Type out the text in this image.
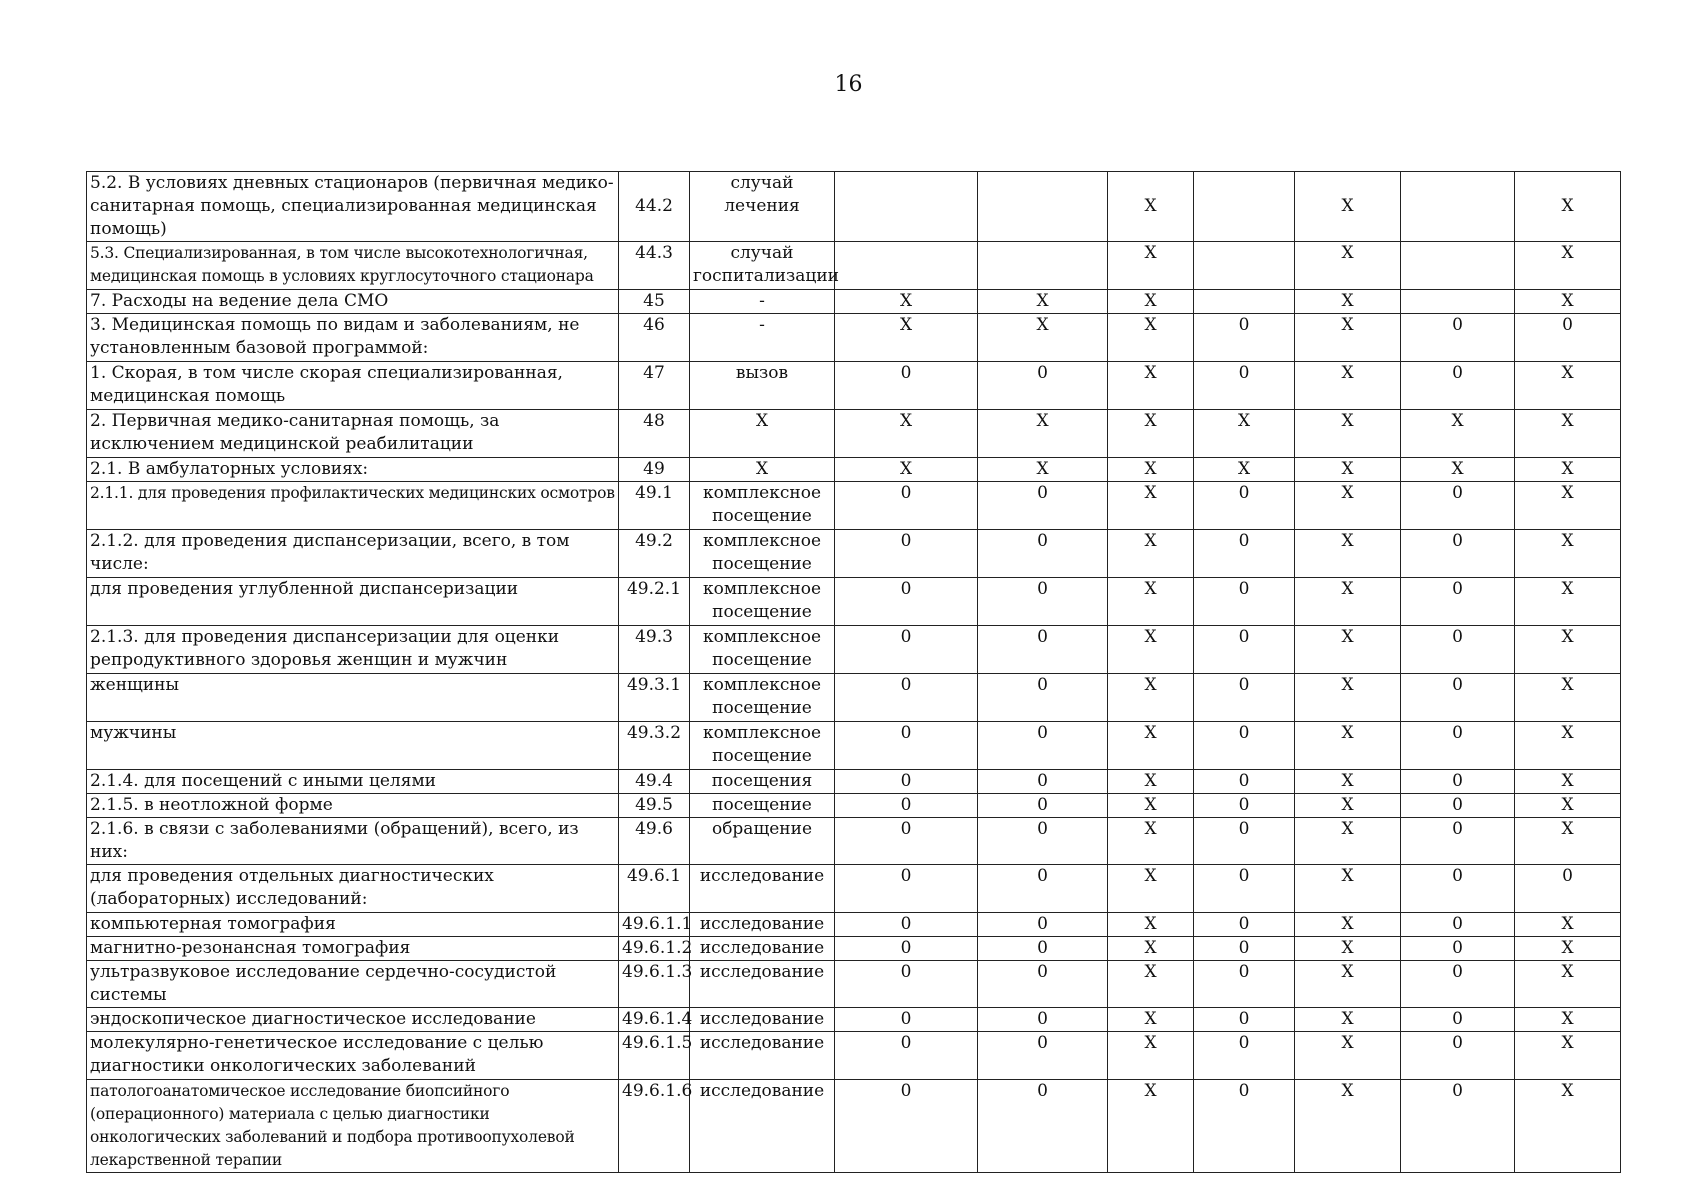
16
5.2. В условиях дневных стационаров (первичная медико-санитарная помощь, специализированная медицинская помощь)	44.2	случай лечения			X		X		X
5.3. Специализированная, в том числе высокотехнологичная, медицинская помощь в условиях круглосуточного стационара	44.3	случай госпитализации			X		X		X
7. Расходы на ведение дела СМО	45	-	X	X	X		X		X
3. Медицинская помощь по видам и заболеваниям, не установленным базовой программой:	46	-	X	X	X	0	X	0	0
1. Скорая, в том числе скорая специализированная, медицинская помощь	47	вызов	0	0	X	0	X	0	X
2. Первичная медико-санитарная помощь, за исключением медицинской реабилитации	48	X	X	X	X	X	X	X	X
2.1. В амбулаторных условиях:	49	X	X	X	X	X	X	X	X
2.1.1. для проведения профилактических медицинских осмотров	49.1	комплексное посещение	0	0	X	0	X	0	X
2.1.2. для проведения диспансеризации, всего, в том числе:	49.2	комплексное посещение	0	0	X	0	X	0	X
для проведения углубленной диспансеризации	49.2.1	комплексное посещение	0	0	X	0	X	0	X
2.1.3. для проведения диспансеризации для оценки репродуктивного здоровья женщин и мужчин	49.3	комплексное посещение	0	0	X	0	X	0	X
женщины	49.3.1	комплексное посещение	0	0	X	0	X	0	X
мужчины	49.3.2	комплексное посещение	0	0	X	0	X	0	X
2.1.4. для посещений с иными целями	49.4	посещения	0	0	X	0	X	0	X
2.1.5. в неотложной форме	49.5	посещение	0	0	X	0	X	0	X
2.1.6. в связи с заболеваниями (обращений), всего, из них:	49.6	обращение	0	0	X	0	X	0	X
для проведения отдельных диагностических (лабораторных) исследований:	49.6.1	исследование	0	0	X	0	X	0	0
компьютерная томография	49.6.1.1	исследование	0	0	X	0	X	0	X
магнитно-резонансная томография	49.6.1.2	исследование	0	0	X	0	X	0	X
ультразвуковое исследование сердечно-сосудистой системы	49.6.1.3	исследование	0	0	X	0	X	0	X
эндоскопическое диагностическое исследование	49.6.1.4	исследование	0	0	X	0	X	0	X
молекулярно-генетическое исследование с целью диагностики онкологических заболеваний	49.6.1.5	исследование	0	0	X	0	X	0	X
патологоанатомическое исследование биопсийного (операционного) материала с целью диагностики онкологических заболеваний и подбора противоопухолевой лекарственной терапии	49.6.1.6	исследование	0	0	X	0	X	0	X
